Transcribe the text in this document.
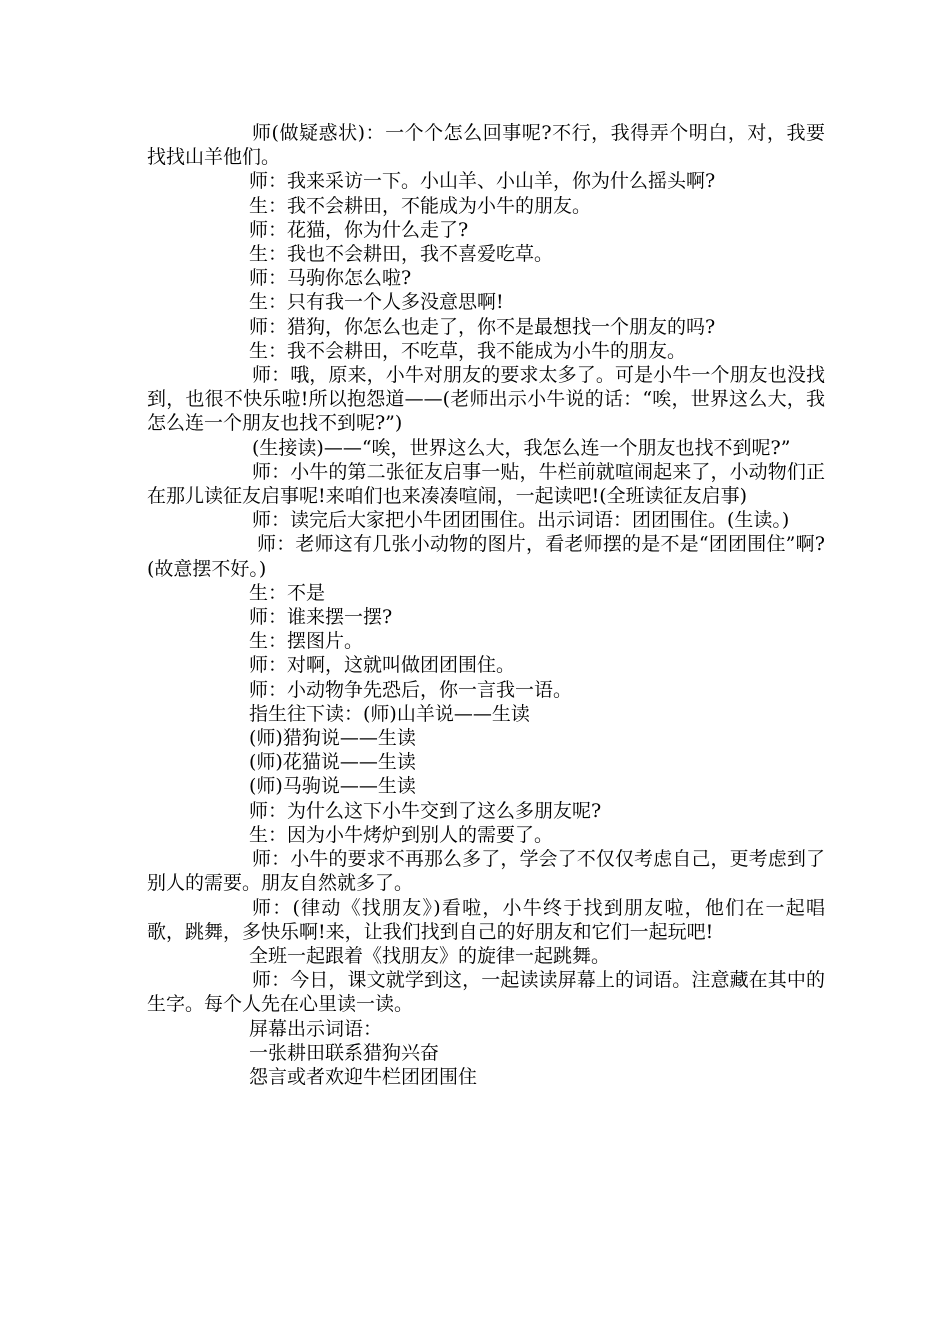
师(做疑惑状)：一个个怎么回事呢?不行，我得弄个明白，对，我要找找山羊他们。

师：我来采访一下。小山羊、小山羊，你为什么摇头啊?

生：我不会耕田，不能成为小牛的朋友。

师：花猫，你为什么走了?

生：我也不会耕田，我不喜爱吃草。

师：马驹你怎么啦?

生：只有我一个人多没意思啊!

师：猎狗，你怎么也走了，你不是最想找一个朋友的吗?

生：我不会耕田，不吃草，我不能成为小牛的朋友。

师：哦，原来，小牛对朋友的要求太多了。可是小牛一个朋友也没找到，也很不快乐啦!所以抱怨道——(老师出示小牛说的话：“唉，世界这么大，我怎么连一个朋友也找不到呢?”)

(生接读)——“唉，世界这么大，我怎么连一个朋友也找不到呢?”

师：小牛的第二张征友启事一贴，牛栏前就喧闹起来了，小动物们正在那儿读征友启事呢!来咱们也来凑凑喧闹，一起读吧!(全班读征友启事)

师：读完后大家把小牛团团围住。出示词语：团团围住。(生读。)

师：老师这有几张小动物的图片，看老师摆的是不是“团团围住”啊?(故意摆不好。)

生：不是

师：谁来摆一摆?

生：摆图片。

师：对啊，这就叫做团团围住。

师：小动物争先恐后，你一言我一语。

指生往下读：(师)山羊说——生读

(师)猎狗说——生读

(师)花猫说——生读

(师)马驹说——生读

师：为什么这下小牛交到了这么多朋友呢?

生：因为小牛烤炉到别人的需要了。

师：小牛的要求不再那么多了，学会了不仅仅考虑自己，更考虑到了别人的需要。朋友自然就多了。

师：(律动《找朋友》)看啦，小牛终于找到朋友啦，他们在一起唱歌，跳舞，多快乐啊!来，让我们找到自己的好朋友和它们一起玩吧!

全班一起跟着《找朋友》的旋律一起跳舞。

师：今日，课文就学到这，一起读读屏幕上的词语。注意藏在其中的生字。每个人先在心里读一读。

屏幕出示词语：

一张耕田联系猎狗兴奋

怨言或者欢迎牛栏团团围住
